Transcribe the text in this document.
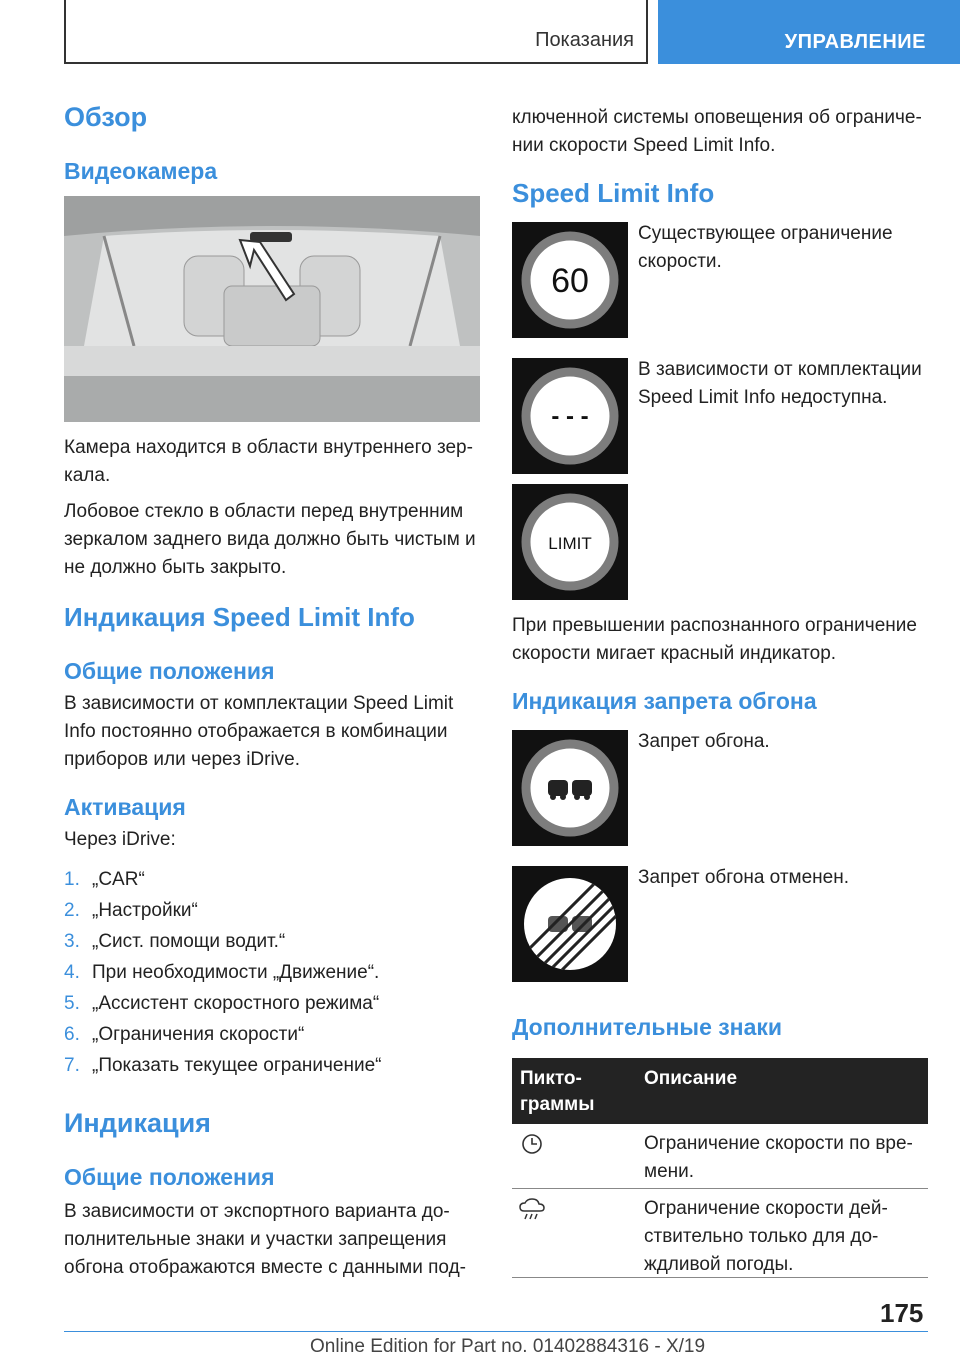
Показания	УПРАВЛЕНИЕ
Обзор
Видеокамера
Камера находится в области внутреннего зер-
кала.
Лобовое стекло в области перед внутренним
зеркалом заднего вида должно быть чистым и
не должно быть закрыто.
Индикация Speed Limit Info
Общие положения
В зависимости от комплектации Speed Limit
Info постоянно отображается в комбинации
приборов или через iDrive.
Активация
Через iDrive:
1. „CAR“
2. „Настройки“
3. „Сист. помощи водит.“
4. При необходимости „Движение“.
5. „Ассистент скоростного режима“
6. „Ограничения скорости“
7. „Показать текущее ограничение“
Индикация
Общие положения
В зависимости от экспортного варианта до-
полнительные знаки и участки запрещения
обгона отображаются вместе с данными под-
ключенной системы оповещения об ограниче-
нии скорости Speed Limit Info.
Speed Limit Info
60
Существующее ограничение
скорости.
- - -
В зависимости от комплектации
Speed Limit Info недоступна.
LIMIT
При превышении распознанного ограничение
скорости мигает красный индикатор.
Индикация запрета обгона
Запрет обгона.
Запрет обгона отменен.
Дополнительные знаки
Пикто-
граммы
Описание
Ограничение скорости по вре-
мени.
Ограничение скорости дей-
ствительно только для до-
ждливой погоды.
175
Online Edition for Part no. 01402884316 - X/19
